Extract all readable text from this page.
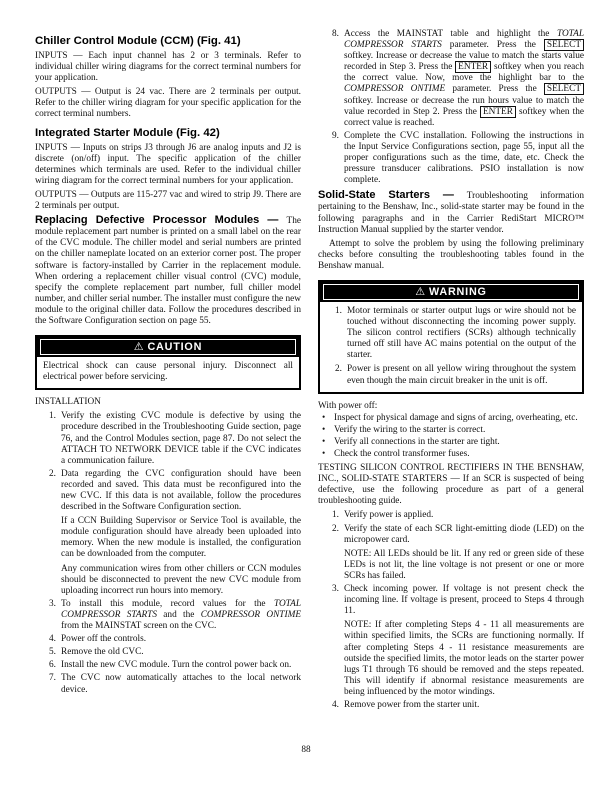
Chiller Control Module (CCM) (Fig. 41)

INPUTS — Each input channel has 2 or 3 terminals. Refer to individual chiller wiring diagrams for the correct terminal numbers for your application.

OUTPUTS — Output is 24 vac. There are 2 terminals per output. Refer to the chiller wiring diagram for your specific application for the correct terminal numbers.

Integrated Starter Module (Fig. 42)

INPUTS — Inputs on strips J3 through J6 are analog inputs and J2 is discrete (on/off) input. The specific application of the chiller determines which terminals are used. Refer to the individual chiller wiring diagram for the correct terminal numbers for your application.

OUTPUTS — Outputs are 115-277 vac and wired to strip J9. There are 2 terminals per output.

Replacing Defective Processor Modules — The module replacement part number is printed on a small label on the rear of the CVC module. The chiller model and serial numbers are printed on the chiller nameplate located on an exterior corner post. The proper software is factory-installed by Carrier in the replacement module. When ordering a replacement chiller visual control (CVC) module, specify the complete replacement part number, full chiller model number, and chiller serial number. The installer must configure the new module to the original chiller data. Follow the procedures described in the Software Configuration section on page 55.

⚠ CAUTION

Electrical shock can cause personal injury. Disconnect all electrical power before servicing.

INSTALLATION

1. Verify the existing CVC module is defective by using the procedure described in the Troubleshooting Guide section, page 76, and the Control Modules section, page 87. Do not select the ATTACH TO NETWORK DEVICE table if the CVC indicates a communication failure.

2. Data regarding the CVC configuration should have been recorded and saved. This data must be reconfigured into the new CVC. If this data is not available, follow the procedures described in the Software Configuration section.

If a CCN Building Supervisor or Service Tool is available, the module configuration should have already been uploaded into memory. When the new module is installed, the configuration can be downloaded from the computer.

Any communication wires from other chillers or CCN modules should be disconnected to prevent the new CVC module from uploading incorrect run hours into memory.

3. To install this module, record values for the TOTAL COMPRESSOR STARTS and the COMPRESSOR ONTIME from the MAINSTAT screen on the CVC.

4. Power off the controls.

5. Remove the old CVC.

6. Install the new CVC module. Turn the control power back on.

7. The CVC now automatically attaches to the local network device.

8. Access the MAINSTAT table and highlight the TOTAL COMPRESSOR STARTS parameter. Press the SELECT softkey. Increase or decrease the value to match the starts value recorded in Step 3. Press the ENTER softkey when you reach the correct value. Now, move the highlight bar to the COMPRESSOR ONTIME parameter. Press the SELECT softkey. Increase or decrease the run hours value to match the value recorded in Step 2. Press the ENTER softkey when the correct value is reached.

9. Complete the CVC installation. Following the instructions in the Input Service Configurations section, page 55, input all the proper configurations such as the time, date, etc. Check the pressure transducer calibrations. PSIO installation is now complete.

Solid-State Starters — Troubleshooting information pertaining to the Benshaw, Inc., solid-state starter may be found in the following paragraphs and in the Carrier RediStart MICRO™ Instruction Manual supplied by the starter vendor.

Attempt to solve the problem by using the following preliminary checks before consulting the troubleshooting tables found in the Benshaw manual.

⚠ WARNING
1. Motor terminals or starter output lugs or wire should not be touched without disconnecting the incoming power supply. The silicon control rectifiers (SCRs) although technically turned off still have AC mains potential on the output of the starter.

2. Power is present on all yellow wiring throughout the system even though the main circuit breaker in the unit is off.

With power off:

• Inspect for physical damage and signs of arcing, overheating, etc.
• Verify the wiring to the starter is correct.
• Verify all connections in the starter are tight.
• Check the control transformer fuses.

TESTING SILICON CONTROL RECTIFIERS IN THE BENSHAW, INC., SOLID-STATE STARTERS — If an SCR is suspected of being defective, use the following procedure as part of a general troubleshooting guide.

1. Verify power is applied.

2. Verify the state of each SCR light-emitting diode (LED) on the micropower card.

NOTE: All LEDs should be lit. If any red or green side of these LEDs is not lit, the line voltage is not present or one or more SCRs has failed.

3. Check incoming power. If voltage is not present check the incoming line. If voltage is present, proceed to Steps 4 through 11.

NOTE: If after completing Steps 4 - 11 all measurements are within specified limits, the SCRs are functioning normally. If after completing Steps 4 - 11 resistance measurements are outside the specified limits, the motor leads on the starter power lugs T1 through T6 should be removed and the steps repeated. This will identify if abnormal resistance measurements are being influenced by the motor windings.

4. Remove power from the starter unit.

88
